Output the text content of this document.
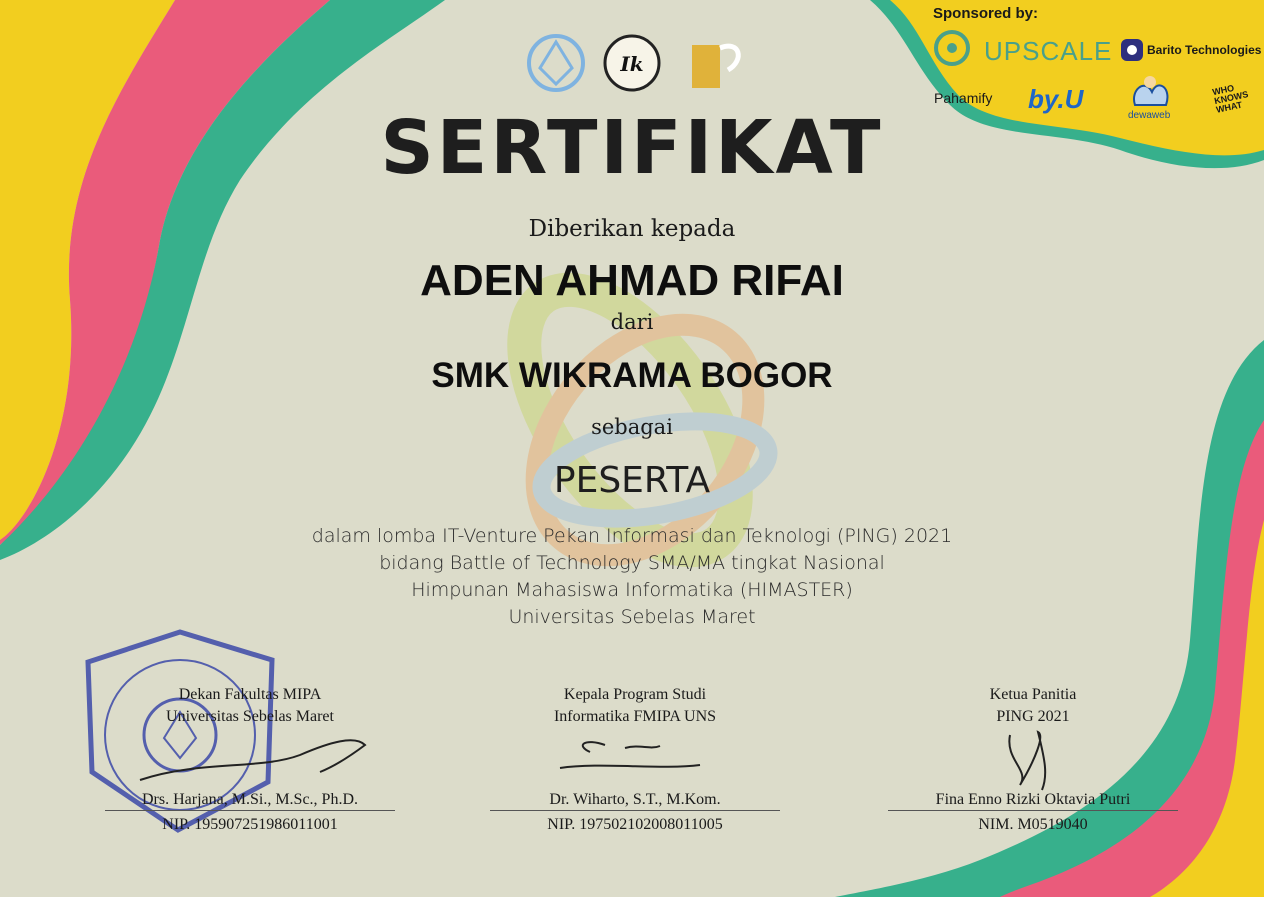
Ik
SERTIFIKAT
Diberikan kepada
ADEN AHMAD RIFAI
dari
SMK WIKRAMA BOGOR
sebagai
PESERTA
dalam lomba IT-Venture Pekan Informasi dan Teknologi (PING) 2021
bidang Battle of Technology SMA/MA tingkat Nasional
Himpunan Mahasiswa Informatika (HIMASTER)
Universitas Sebelas Maret
Dekan Fakultas MIPA
Universitas Sebelas Maret
Drs. Harjana, M.Si., M.Sc., Ph.D.
NIP. 195907251986011001
Kepala Program Studi
Informatika FMIPA UNS
Dr. Wiharto, S.T., M.Kom.
NIP. 197502102008011005
Ketua Panitia
PING 2021
Fina Enno Rizki Oktavia Putri
NIM. M0519040
Sponsored by:
UPSCALE	Barito Technologies
Pahamify by.U
dewaweb
WHO KNOWS WHAT
